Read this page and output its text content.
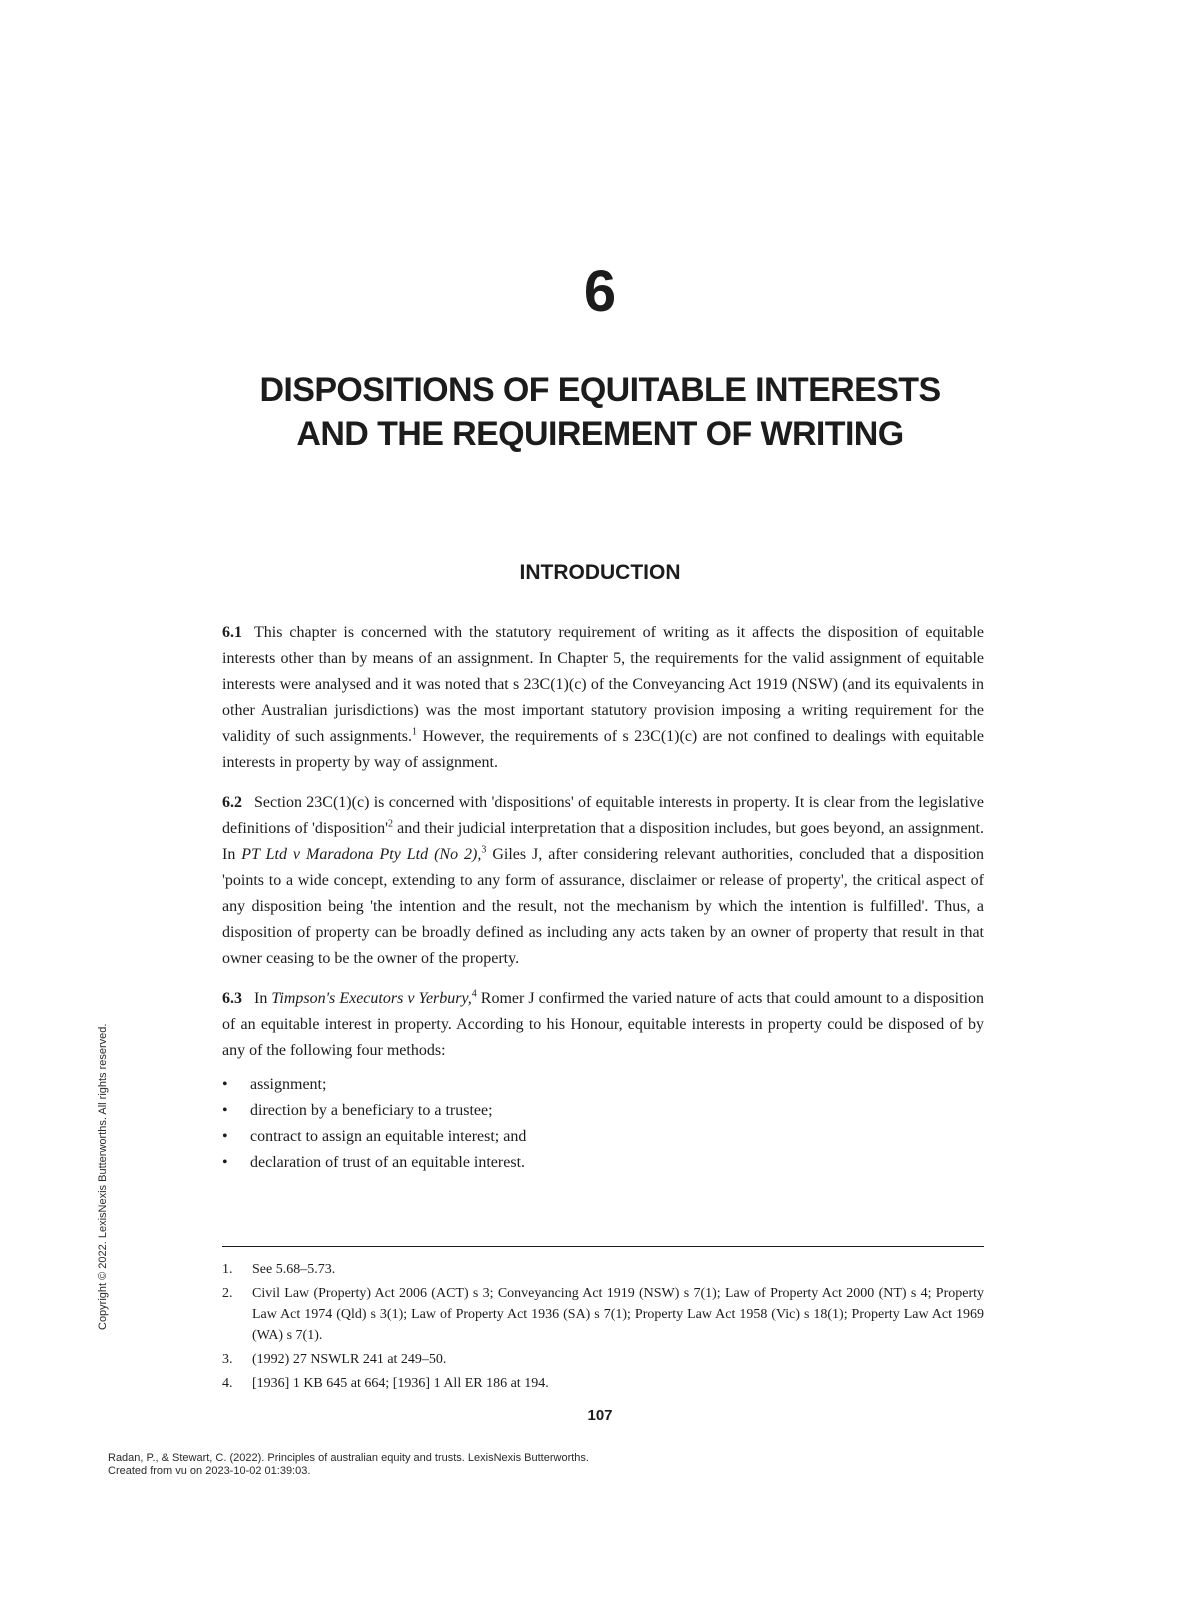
6
DISPOSITIONS OF EQUITABLE INTERESTS
AND THE REQUIREMENT OF WRITING
INTRODUCTION

6.1 This chapter is concerned with the statutory requirement of writing as it affects the disposition of equitable interests other than by means of an assignment. In Chapter 5, the requirements for the valid assignment of equitable interests were analysed and it was noted that s 23C(1)(c) of the Conveyancing Act 1919 (NSW) (and its equivalents in other Australian jurisdictions) was the most important statutory provision imposing a writing requirement for the validity of such assignments.$^1$ However, the requirements of s 23C(1)(c) are not confined to dealings with equitable interests in property by way of assignment.

6.2 Section 23C(1)(c) is concerned with 'dispositions' of equitable interests in property. It is clear from the legislative definitions of '$disposition'^2$ and their judicial interpretation that a disposition includes, but goes beyond, an assignment. In PT Ltd v Maradona Pty Ltd (No 2),$^3$ Giles J, after considering relevant authorities, concluded that a disposition 'points to a wide concept, extending to any form of assurance, disclaimer or release of property', the critical aspect of any disposition being 'the intention and the result, not the mechanism by which the intention is fulfilled'. Thus, a disposition of property can be broadly defined as including any acts taken by an owner of property that result in that owner ceasing to be the owner of the property.

6.3 In Timpson's Executors v Yerbury,$^4$ Romer J confirmed the varied nature of acts that could amount to a disposition of an equitable interest in property. According to his Honour, equitable interests in property could be disposed of by any of the following four methods:

• assignment;
• direction by a beneficiary to a trustee;
• contract to assign an equitable interest; and
• declaration of trust of an equitable interest.
1. See 5.68–5.73.
2. Civil Law (Property) Act 2006 (ACT) s 3; Conveyancing Act 1919 (NSW) s 7(1); Law of Property Act 2000 (NT) s 4; Property Law Act 1974 (Qld) s 3(1); Law of Property Act 1936 (SA) s 7(1); Property Law Act 1958 (Vic) s 18(1); Property Law Act 1969 (WA) s 7(1).
3. (1992) 27 NSWLR 241 at 249–50.
4. [1936] 1 KB 645 at 664; [1936] 1 All ER 186 at 194.
107
Radan, P., & Stewart, C. (2022). Principles of australian equity and trusts. LexisNexis Butterworths.
Created from vu on 2023-10-02 01:39:03.
Copyright © 2022. LexisNexis Butterworths. All rights reserved.
